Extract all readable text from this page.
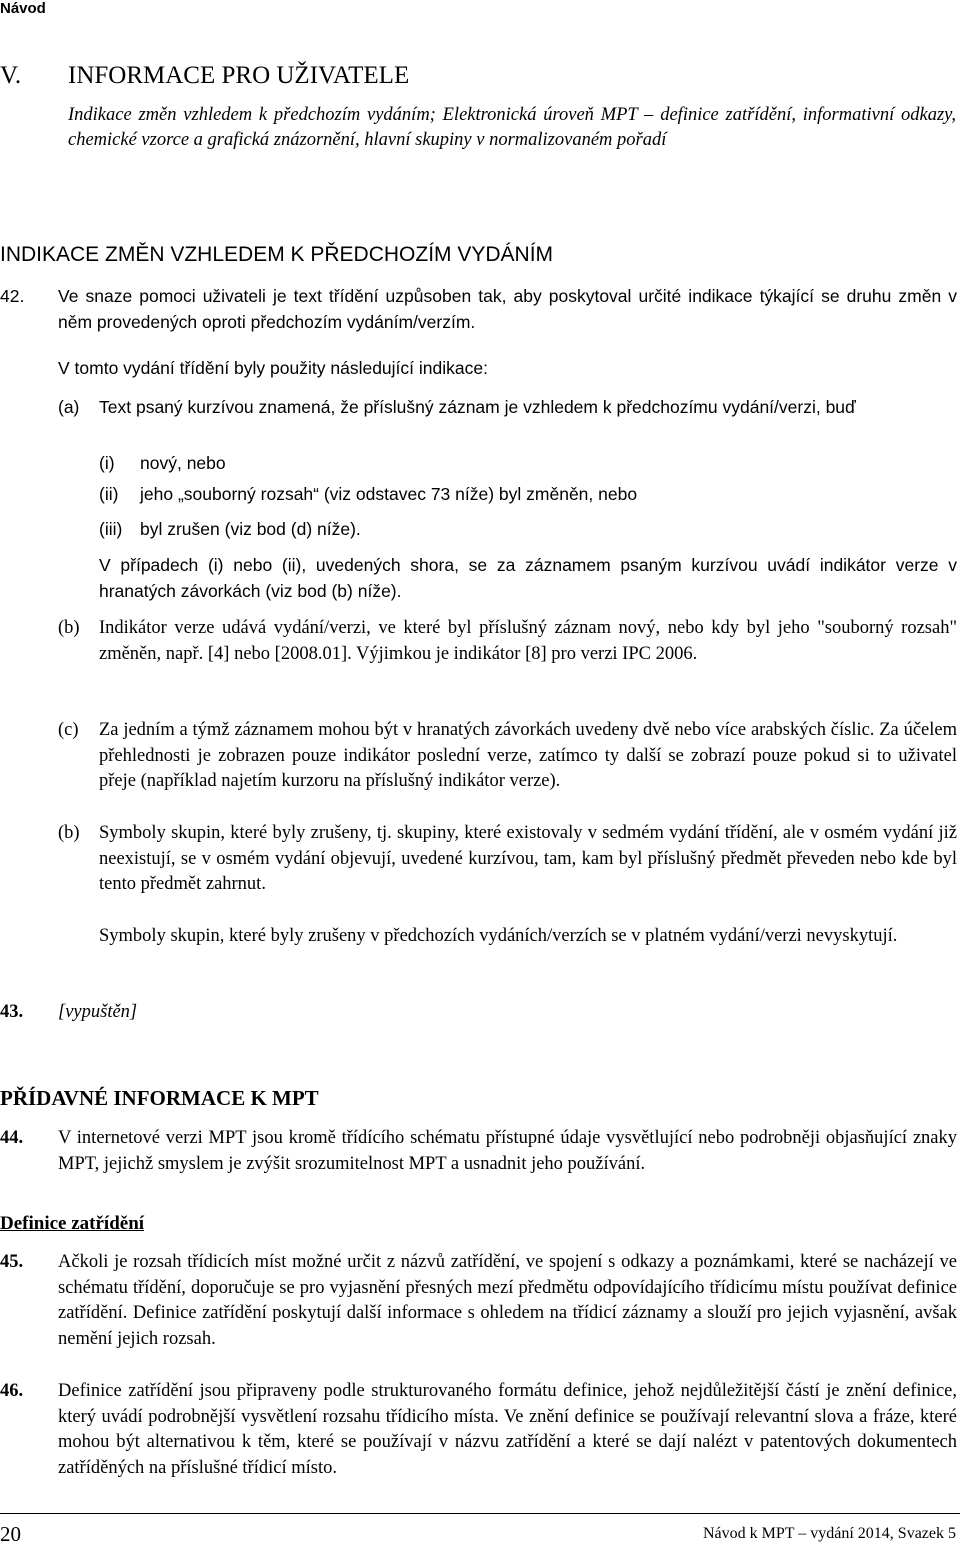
Návod
V. INFORMACE PRO UŽIVATELE
Indikace změn vzhledem k předchozím vydáním; Elektronická úroveň MPT – definice zatřídění, informativní odkazy, chemické vzorce a grafická znázornění, hlavní skupiny v normalizovaném pořadí
INDIKACE ZMĚN VZHLEDEM K PŘEDCHOZÍM VYDÁNÍM
42. Ve snaze pomoci uživateli je text třídění uzpůsoben tak, aby poskytoval určité indikace týkající se druhu změn v něm provedených oproti předchozím vydáním/verzím.
V tomto vydání třídění byly použity následující indikace:
(a) Text psaný kurzívou znamená, že příslušný záznam je vzhledem k předchozímu vydání/verzi, buď
(i) nový, nebo
(ii) jeho „souborný rozsah“ (viz odstavec 73 níže) byl změněn, nebo
(iii) byl zrušen (viz bod (d) níže).
V případech (i) nebo (ii), uvedených shora, se za záznamem psaným kurzívou uvádí indikátor verze v hranatých závorkách (viz bod (b) níže).
(b) Indikátor verze udává vydání/verzi, ve které byl příslušný záznam nový, nebo kdy byl jeho "souborný rozsah" změněn, např. [4] nebo [2008.01]. Výjimkou je indikátor [8] pro verzi IPC 2006.
(c) Za jedním a týmž záznamem mohou být v hranatých závorkách uvedeny dvě nebo více arabských číslic. Za účelem přehlednosti je zobrazen pouze indikátor poslední verze, zatímco ty další se zobrazí pouze pokud si to uživatel přeje (například najetím kurzoru na příslušný indikátor verze).
(b) Symboly skupin, které byly zrušeny, tj. skupiny, které existovaly v sedmém vydání třídění, ale v osmém vydání již neexistují, se v osmém vydání objevují, uvedené kurzívou, tam, kam byl příslušný předmět převeden nebo kde byl tento předmět zahrnut.
Symboly skupin, které byly zrušeny v předchozích vydáních/verzích se v platném vydání/verzi nevyskytují.
43. [vypuštěn]
PŘÍDAVNÉ INFORMACE K MPT
44. V internetové verzi MPT jsou kromě třídícího schématu přístupné údaje vysvětlující nebo podrobněji objasňující znaky MPT, jejichž smyslem je zvýšit srozumitelnost MPT a usnadnit jeho používání.
Definice zatřídění
45. Ačkoli je rozsah třídicích míst možné určit z názvů zatřídění, ve spojení s odkazy a poznámkami, které se nacházejí ve schématu třídění, doporučuje se pro vyjasnění přesných mezí předmětu odpovídajícího třídicímu místu používat definice zatřídění. Definice zatřídění poskytují další informace s ohledem na třídicí záznamy a slouží pro jejich vyjasnění, avšak nemění jejich rozsah.
46. Definice zatřídění jsou připraveny podle strukturovaného formátu definice, jehož nejdůležitější částí je znění definice, který uvádí podrobnější vysvětlení rozsahu třídicího místa. Ve znění definice se používají relevantní slova a fráze, které mohou být alternativou k těm, které se používají v názvu zatřídění a které se dají nalézt v patentových dokumentech zatříděných na příslušné třídicí místo.
20	Návod k MPT – vydání 2014, Svazek 5
